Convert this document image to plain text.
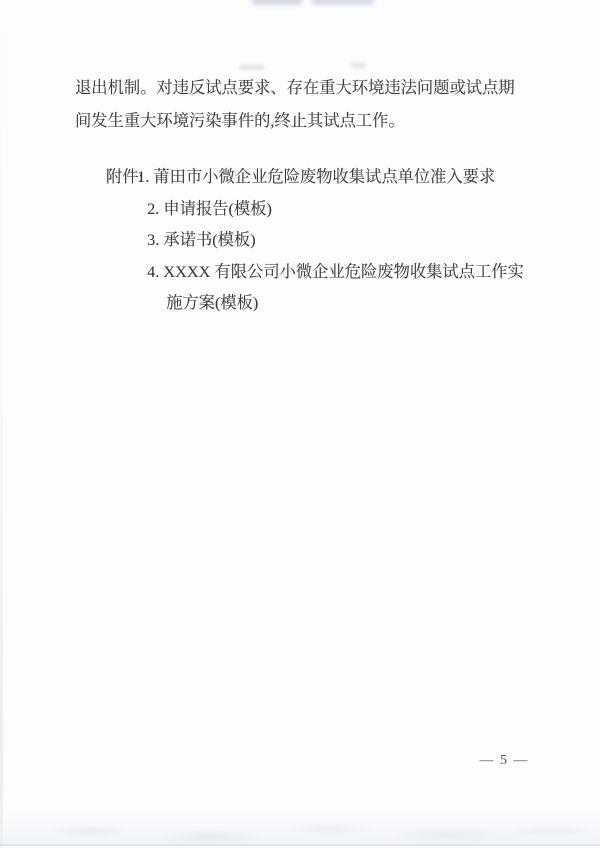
退出机制。对违反试点要求、存在重大环境违法问题或试点期间发生重大环境污染事件的,终止其试点工作。

附件:
1. 莆田市小微企业危险废物收集试点单位准入要求
2. 申请报告(模板)
3. 承诺书(模板)
4. XXXX 有限公司小微企业危险废物收集试点工作实施方案(模板)
— 5 —
